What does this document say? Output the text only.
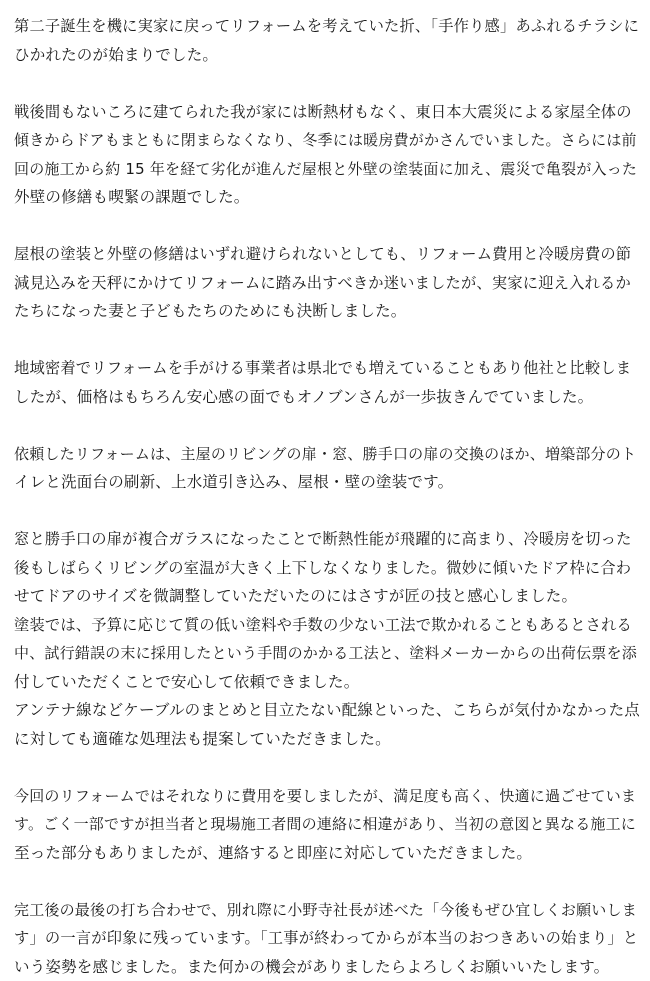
第二子誕生を機に実家に戻ってリフォームを考えていた折、「手作り感」あふれるチラシに
ひかれたのが始まりでした。
戦後間もないころに建てられた我が家には断熱材もなく、東日本大震災による家屋全体の
傾きからドアもまともに閉まらなくなり、冬季には暖房費がかさんでいました。さらには前
回の施工から約 15 年を経て劣化が進んだ屋根と外壁の塗装面に加え、震災で亀裂が入った
外壁の修繕も喫緊の課題でした。
屋根の塗装と外壁の修繕はいずれ避けられないとしても、リフォーム費用と冷暖房費の節
減見込みを天秤にかけてリフォームに踏み出すべきか迷いましたが、実家に迎え入れるか
たちになった妻と子どもたちのためにも決断しました。
地域密着でリフォームを手がける事業者は県北でも増えていることもあり他社と比較しま
したが、価格はもちろん安心感の面でもオノブンさんが一歩抜きんでていました。
依頼したリフォームは、主屋のリビングの扉・窓、勝手口の扉の交換のほか、増築部分のト
イレと洗面台の刷新、上水道引き込み、屋根・壁の塗装です。
窓と勝手口の扉が複合ガラスになったことで断熱性能が飛躍的に高まり、冷暖房を切った
後もしばらくリビングの室温が大きく上下しなくなりました。微妙に傾いたドア枠に合わ
せてドアのサイズを微調整していただいたのにはさすが匠の技と感心しました。
塗装では、予算に応じて質の低い塗料や手数の少ない工法で欺かれることもあるとされる
中、試行錯誤の末に採用したという手間のかかる工法と、塗料メーカーからの出荷伝票を添
付していただくことで安心して依頼できました。
アンテナ線などケーブルのまとめと目立たない配線といった、こちらが気付かなかった点
に対しても適確な処理法も提案していただきました。
今回のリフォームではそれなりに費用を要しましたが、満足度も高く、快適に過ごせていま
す。ごく一部ですが担当者と現場施工者間の連絡に相違があり、当初の意図と異なる施工に
至った部分もありましたが、連絡すると即座に対応していただきました。
完工後の最後の打ち合わせで、別れ際に小野寺社長が述べた「今後もぜひ宜しくお願いしま
す」の一言が印象に残っています。「工事が終わってからが本当のおつきあいの始まり」と
いう姿勢を感じました。また何かの機会がありましたらよろしくお願いいたします。
